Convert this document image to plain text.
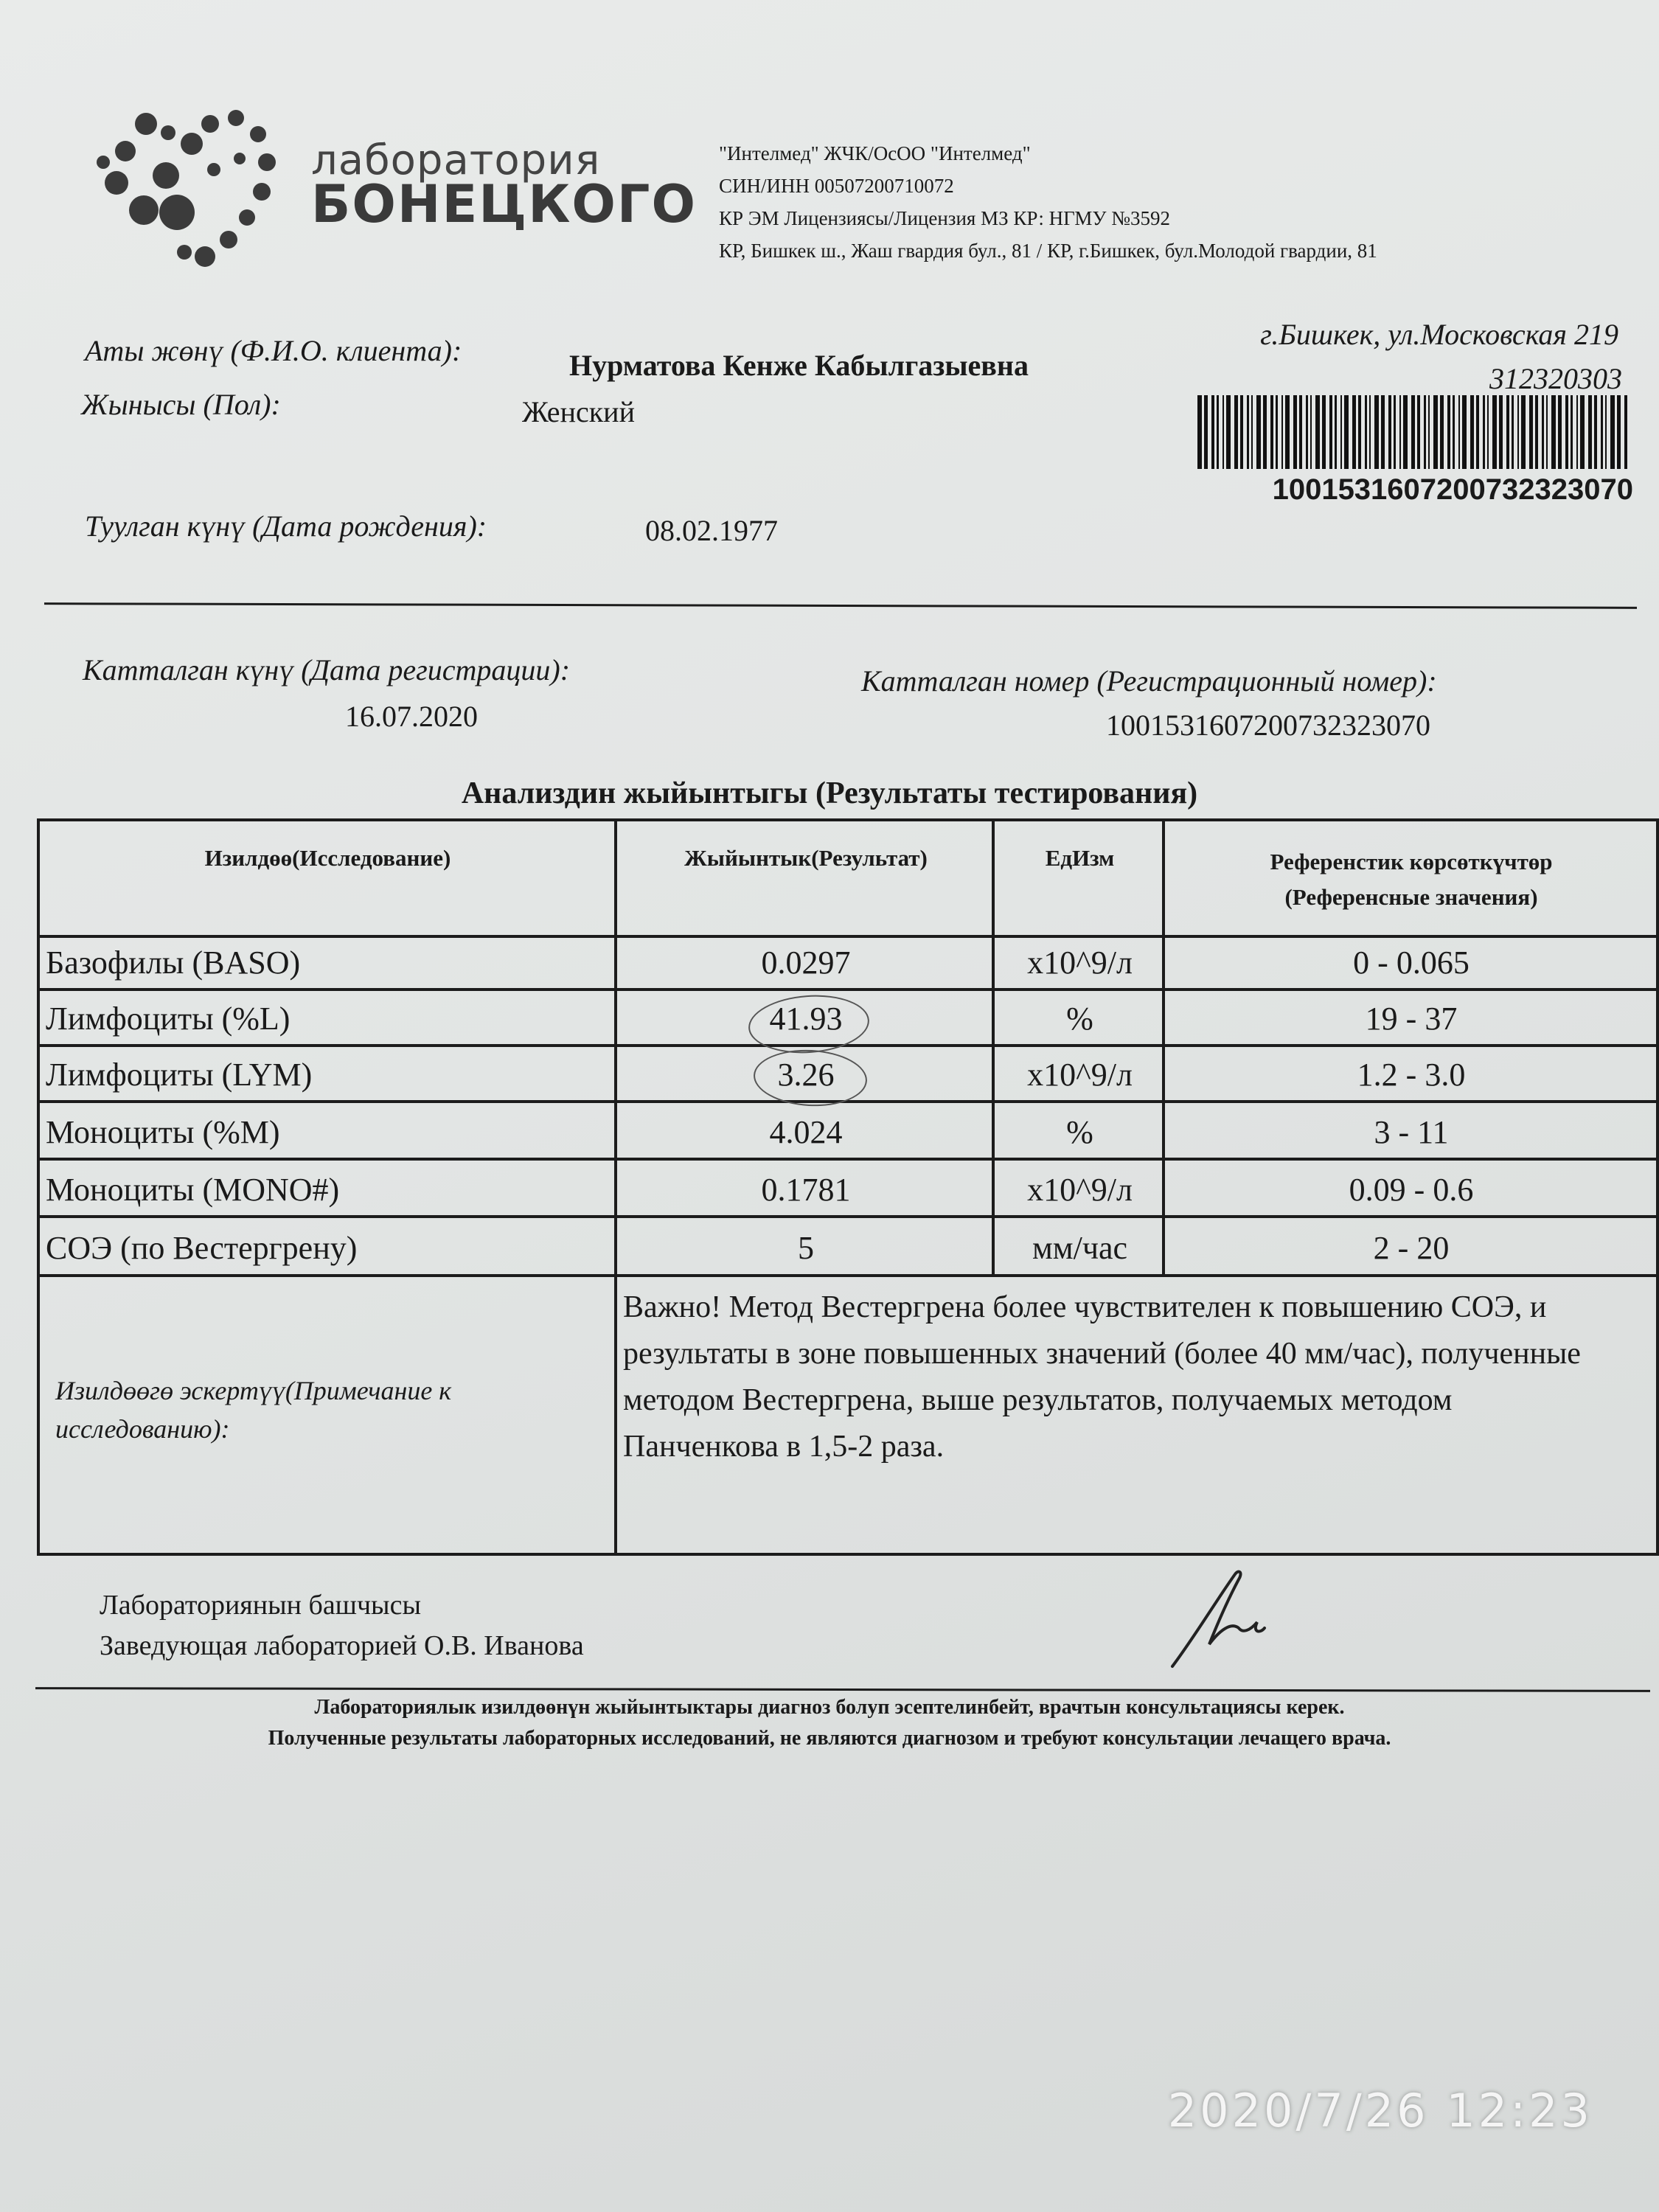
лаборатория
БОНЕЦКОГО
"Интелмед" ЖЧК/ОсОО "Интелмед"
СИН/ИНН 00507200710072
КР ЭМ Лицензиясы/Лицензия МЗ КР: НГМУ №3592
КР, Бишкек ш., Жаш гвардия бул., 81 / КР, г.Бишкек, бул.Молодой гвардии, 81
Аты жөнү (Ф.И.О. клиента):	Нурматова Кенже Кабылгазыевна
Жынысы (Пол):	Женский
Туулган күнү (Дата рождения):	08.02.1977
г.Бишкек, ул.Московская 219
312320303
1001531607200732323070
Катталган күнү (Дата регистрации):
16.07.2020
Катталган номер (Регистрационный номер):
1001531607200732323070
Анализдин жыйынтыгы (Результаты тестирования)
Изилдөө(Исследование)	Жыйынтык(Результат)	ЕдИзм	Референстик көрсөткүчтөр
(Референсные значения)
Базофилы (BASO)	0.0297	x10^9/л	0 - 0.065
Лимфоциты (%L)	41.93	%	19 - 37
Лимфоциты (LYM)	3.26	x10^9/л	1.2 - 3.0
Моноциты (%M)	4.024	%	3 - 11
Моноциты (MONO#)	0.1781	x10^9/л	0.09 - 0.6
СОЭ (по Вестергрену)	5	мм/час	2 - 20
Изилдөөгө эскертүү(Примечание к исследованию):
Важно! Метод Вестергрена более чувствителен к повышению СОЭ, и результаты в зоне повышенных значений (более 40 мм/час), полученные методом Вестергрена, выше результатов, получаемых методом Панченкова в 1,5-2 раза.
Лабораториянын башчысы
Заведующая лабораторией О.В. Иванова
Лабораториялык изилдөөнүн жыйынтыктары диагноз болуп эсептелинбейт, врачтын консультациясы керек.
Полученные результаты лабораторных исследований, не являются диагнозом и требуют консультации лечащего врача.
2020/7/26 12:23
